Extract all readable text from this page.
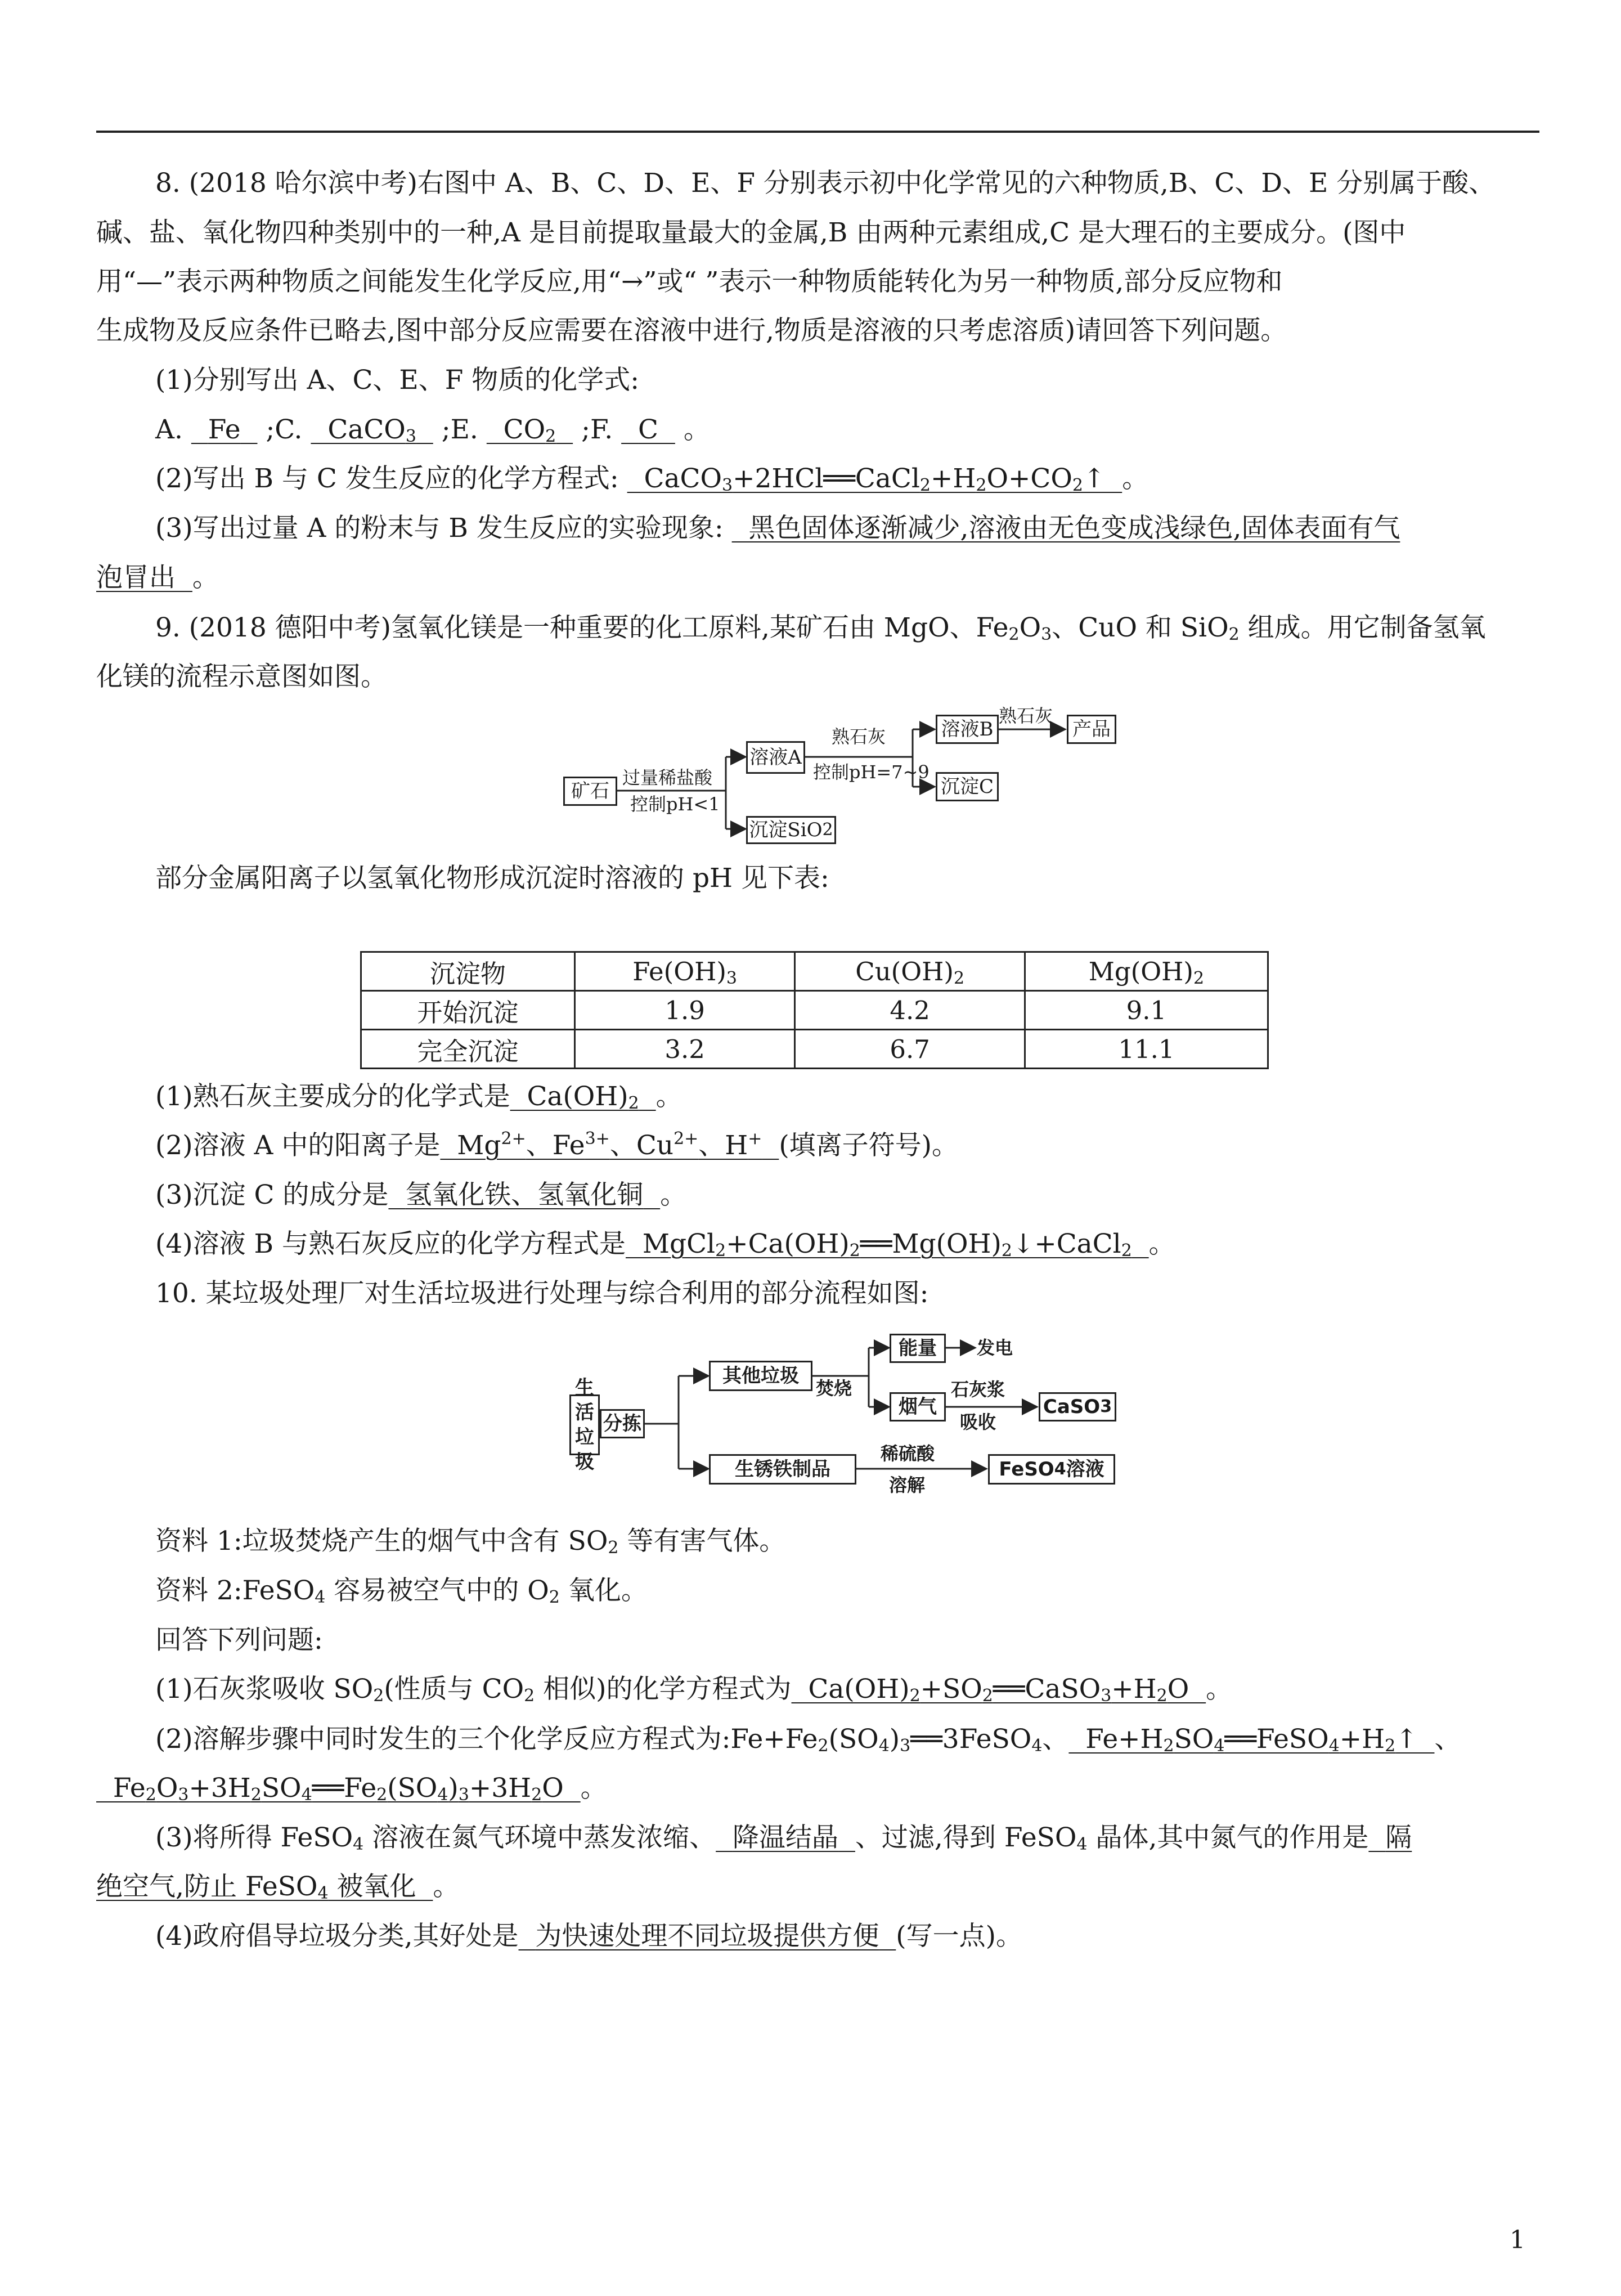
8. (2018 哈尔滨中考)右图中 A、B、C、D、E、F 分别表示初中化学常见的六种物质,B、C、D、E 分别属于酸、
碱、盐、氧化物四种类别中的一种,A 是目前提取量最大的金属,B 由两种元素组成,C 是大理石的主要成分。(图中
用“—”表示两种物质之间能发生化学反应,用“→”或“ ”表示一种物质能转化为另一种物质,部分反应物和
生成物及反应条件已略去,图中部分反应需要在溶液中进行,物质是溶液的只考虑溶质)请回答下列问题。
(1)分别写出 A、C、E、F 物质的化学式:
A. Fe ;C.   CaCO$_3$ ;E.   $CO_2$ ;F. C 。
(2)写出 B 与 C 发生反应的化学方程式:   $CaCO_3+2HCl══CaCl_2+H_2O+CO_2↑$  。
(3)写出过量 A 的粉末与 B 发生反应的实验现象: 黑色固体逐渐减少,溶液由无色变成浅绿色,固体表面有气
泡冒出 。
9. (2018 德阳中考)氢氧化镁是一种重要的化工原料,某矿石由 MgO、$Fe_2O_3$、CuO 和 SiO$_2$ 组成。用它制备氢氧
化镁的流程示意图如图。
矿石
过量稀盐酸
控制pH<1
溶液A
沉淀SiO 2
熟石灰
控制pH=7~9
溶液B
沉淀C
熟石灰
产品
部分金属阳离子以氢氧化物形成沉淀时溶液的 pH 见下表:
沉淀物	$Fe(OH)_3$	$Cu(OH)_2$	$Mg(OH)_2$
开始沉淀	1.9	4.2	9.1
完全沉淀	3.2	6.7	11.1
(1)熟石灰主要成分的化学式是  $Ca(OH)_2$ 。
(2)溶液 A 中的阳离子是  $Mg^{2+}$、$Fe^{3+}$、$Cu^{2+}$、H+ (填离子符号)。
(3)沉淀 C 的成分是 氢氧化铁、氢氧化铜 。
(4)溶液 B 与熟石灰反应的化学方程式是  $MgCl_2+Ca(OH)_2══Mg(OH)_2↓+CaCl_2$ 。
10. 某垃圾处理厂对生活垃圾进行处理与综合利用的部分流程如图:
生活垃圾
分拣
其他垃圾
焚烧
能量	发电
烟气
石灰浆
吸收
CaSO 3
生锈铁制品
稀硫酸
溶解
FeSO 4 溶液
资料 1:垃圾焚烧产生的烟气中含有 $SO_2$ 等有害气体。
资料 2:FeSO$_4$ 容易被空气中的 $O_2$ 氧化。
回答下列问题:
(1)石灰浆吸收 $SO_2$(性质与 $CO_2$ 相似)的化学方程式为  $Ca(OH)_2+SO_2══CaSO_3+H_2O$  。
(2)溶解步骤中同时发生的三个化学反应方程式为$:Fe+Fe_2(SO_4)_3══3FeSO_4$、  $Fe+H_2SO_4══FeSO_4+H_2↑$  、
$Fe_2O_3+3H_2SO_4══Fe_2(SO_4)_3+3H_2O$  。
(3)将所得 FeSO$_4$ 溶液在氮气环境中蒸发浓缩、 降温结晶 、过滤,得到 FeSO$_4$ 晶体,其中氮气的作用是 隔
绝空气,防止 FeSO$_4$ 被氧化  。
(4)政府倡导垃圾分类,其好处是 为快速处理不同垃圾提供方便 (写一点)。
1
